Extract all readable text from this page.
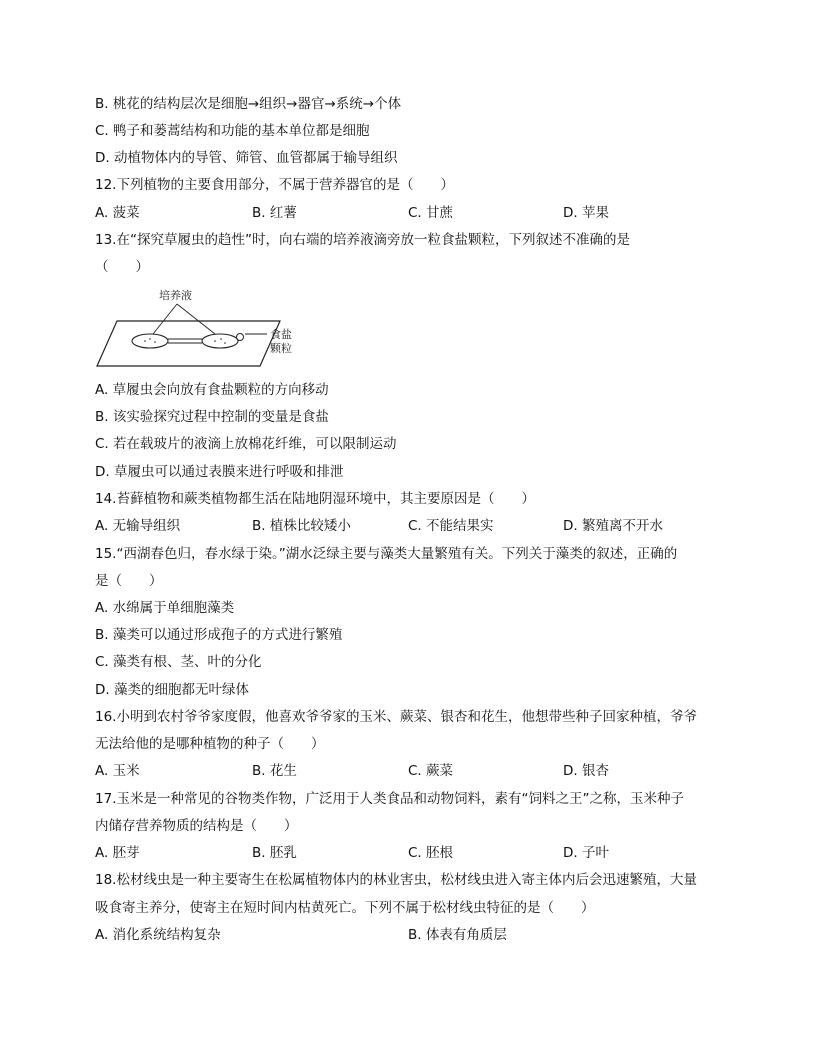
B. 桃花的结构层次是细胞→组织→器官→系统→个体
C. 鸭子和蒌蒿结构和功能的基本单位都是细胞
D. 动植物体内的导管、筛管、血管都属于输导组织
12.下列植物的主要食用部分，不属于营养器官的是（　　）
A. 菠菜	B. 红薯	C. 甘蔗	D. 苹果
13.在“探究草履虫的趋性”时，向右端的培养液滴旁放一粒食盐颗粒，下列叙述不准确的是
（　　）
培养液
食盐
颗粒
A. 草履虫会向放有食盐颗粒的方向移动
B. 该实验探究过程中控制的变量是食盐
C. 若在载玻片的液滴上放棉花纤维，可以限制运动
D. 草履虫可以通过表膜来进行呼吸和排泄
14.苔藓植物和蕨类植物都生活在陆地阴湿环境中，其主要原因是（　　）
A. 无输导组织	B. 植株比较矮小	C. 不能结果实	D. 繁殖离不开水
15.“西湖春色归，春水绿于染。”湖水泛绿主要与藻类大量繁殖有关。下列关于藻类的叙述，正确的
是（　　）
A. 水绵属于单细胞藻类
B. 藻类可以通过形成孢子的方式进行繁殖
C. 藻类有根、茎、叶的分化
D. 藻类的细胞都无叶绿体
16.小明到农村爷爷家度假，他喜欢爷爷家的玉米、蕨菜、银杏和花生，他想带些种子回家种植，爷爷
无法给他的是哪种植物的种子（　　）
A. 玉米	B. 花生	C. 蕨菜	D. 银杏
17.玉米是一种常见的谷物类作物，广泛用于人类食品和动物饲料，素有“饲料之王”之称，玉米种子
内储存营养物质的结构是（　　）
A. 胚芽	B. 胚乳	C. 胚根	D. 子叶
18.松材线虫是一种主要寄生在松属植物体内的林业害虫，松材线虫进入寄主体内后会迅速繁殖，大量
吸食寄主养分，使寄主在短时间内枯黄死亡。下列不属于松材线虫特征的是（　　）
A. 消化系统结构复杂	B. 体表有角质层
